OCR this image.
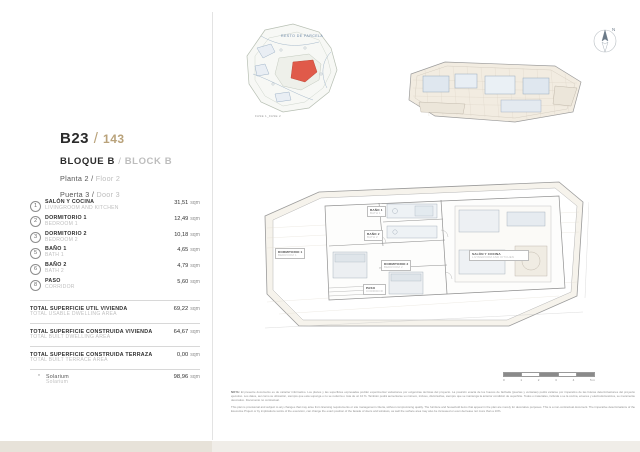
B23 / 143
BLOQUE B / BLOCK B
Planta 2 / Floor 2
Puerta 3 / Door 3
1
SALÓN Y COCINA
LIVINGROOM AND KITCHEN
31,51 sqm
2
DORMITORIO 1
BEDROOM 1
12,49 sqm
3
DORMITORIO 2
BEDROOM 2
10,18 sqm
5
BAÑO 1
BATH 1
4,65 sqm
6
BAÑO 2
BATH 2
4,79 sqm
8
PASO
CORRIDOR
5,60 sqm
TOTAL SUPERFICIE UTIL VIVIENDA
TOTAL USABLE DWELLING AREA
69,22 sqm
TOTAL SUPERFICIE CONSTRUIDA VIVIENDA
TOTAL BUILT DWELLING AREA
64,67 sqm
TOTAL SUPERFICIE CONSTRUIDA TERRAZA
TOTAL BUILT TERRACE AREA
0,00 sqm
*	Solarium
Solarium
98,96 sqm
RESTO DE PARCELA
FASE 1_FASE 2
N
BAÑO 1
BATH 1
DORMITORIO 1
BEDROOM 1
BAÑO 2
BATH 2
DORMITORIO 2
BEDROOM 2
PASO
CORRIDOR
SALÓN Y COCINA
LIVINGROOM AND KITCHEN
0	1	2	3	4	5 m

NOTA: El presente documento es de carácter informativo. Los planos y las superficies expresadas podrán experimentar variaciones por exigencias técnicas del proyecto. La posición exacta de los huecos de fachada (puertas y ventanas) podrá variarse por imperativo de las futuras determinaciones del proyecto ejecutivo. Los datos, así como su ubicación, siempre que esta suponga o no se reduzca o más de un 10 %. También podrá aumentarse su número, incluso, disminuirlas, siempre que se mantenga la anterior condición de superficie. Todos o materiales, incluida o se la cocina, enseres y electrodomésticos, se meramente decorativo. Documento no contractual.

This plan is provisional and subject to any changes that may arise from licensing requirements or site management criteria, without compromising quality. The furniture and household items that appear in the plan are merely for decorative purposes. This is a non-contractual document. The imperative determinations of the Executive Project or by implications works of the execution, can change the exact position of the facade of doors and windows, as well the surface area may also be increased or even decrease not more than a 10%.
